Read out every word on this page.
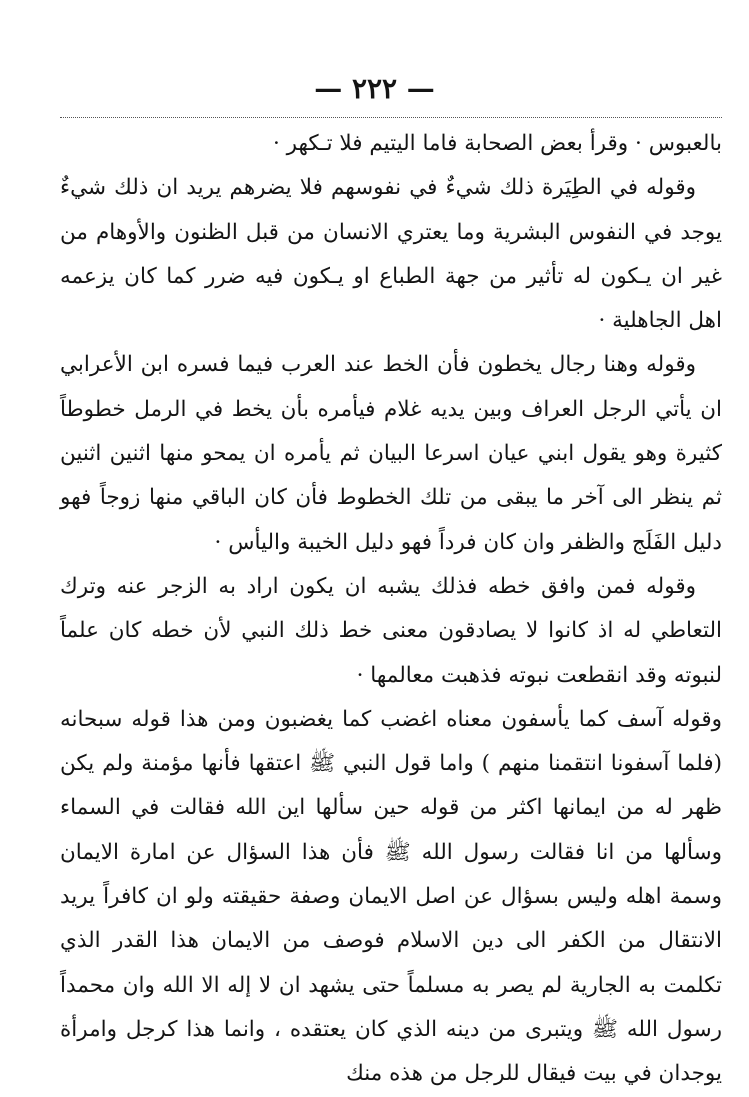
— ٢٢٢ —

بالعبوس · وقرأ بعض الصحابة فاما اليتيم فلا تـكهر ·

وقوله في الطِيَرة ذلك شيءٌ في نفوسهم فلا يضرهم يريد ان ذلك شيءٌ يوجد في النفوس البشرية وما يعتري الانسان من قبل الظنون والأوهام من غير ان يـكون له تأثير من جهة الطباع او يـكون فيه ضرر كما كان يزعمه اهل الجاهلية ·

وقوله وهنا رجال يخطون فأن الخط عند العرب فيما فسره ابن الأعرابي ان يأتي الرجل العراف وبين يديه غلام فيأمره بأن يخط في الرمل خطوطاً كثيرة وهو يقول ابني عيان اسرعا البيان ثم يأمره ان يمحو منها اثنين اثنين ثم ينظر الى آخر ما يبقى من تلك الخطوط فأن كان الباقي منها زوجاً فهو دليل الفَلَج والظفر وان كان فرداً فهو دليل الخيبة واليأس ·

وقوله فمن وافق خطه فذلك يشبه ان يكون اراد به الزجر عنه وترك التعاطي له اذ كانوا لا يصادقون معنى خط ذلك النبي لأن خطه كان علماً لنبوته وقد انقطعت نبوته فذهبت معالمها ·

وقوله آسف كما يأسفون معناه اغضب كما يغضبون ومن هذا قوله سبحانه (فلما آسفونا انتقمنا منهم ) واما قول النبي ﷺ اعتقها فأنها مؤمنة ولم يكن ظهر له من ايمانها اكثر من قوله حين سألها اين الله فقالت في السماء وسألها من انا فقالت رسول الله ﷺ فأن هذا السؤال عن امارة الايمان وسمة اهله وليس بسؤال عن اصل الايمان وصفة حقيقته ولو ان كافراً يريد الانتقال من الكفر الى دين الاسلام فوصف من الايمان هذا القدر الذي تكلمت به الجارية لم يصر به مسلماً حتى يشهد ان لا إله الا الله وان محمداً رسول الله ﷺ ويتبرى من دينه الذي كان يعتقده ، وانما هذا كرجل وامرأة يوجدان في بيت فيقال للرجل من هذه منك
